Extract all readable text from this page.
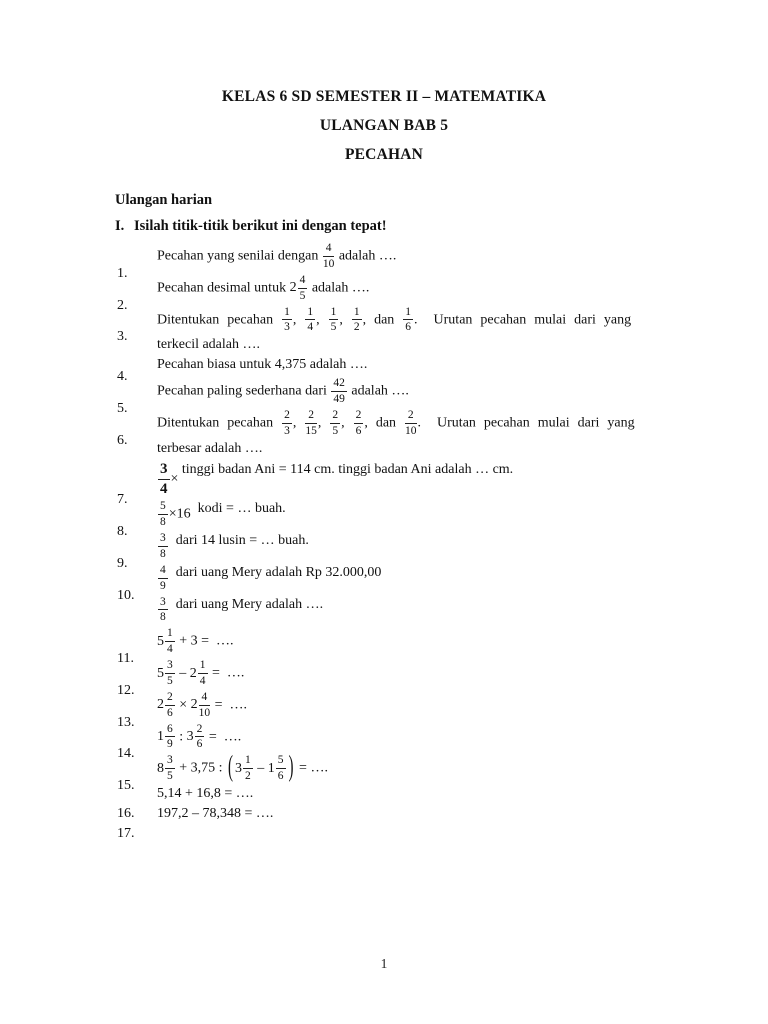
KELAS 6 SD SEMESTER II – MATEMATIKA
ULANGAN BAB 5
PECAHAN
Ulangan harian
I. Isilah titik-titik berikut ini dengan tepat!
1.
Pecahan yang senilai dengan $\frac{4}{10}$ adalah ….
2.
Pecahan desimal untuk $2 \frac{4}{5}$ adalah ….
3.
Ditentukan pecahan $\frac{1}{3}$ , $\frac{1}{4}$ , $\frac{1}{5}$ , $\frac{1}{2}$ , dan $\frac{1}{6}$ .  Urutan pecahan mulai dari yang
terkecil adalah ….
4.
Pecahan biasa untuk 4,375 adalah ….
5.
Pecahan paling sederhana dari $\frac{42}{49}$ adalah ….
6.
Ditentukan pecahan $\frac{2}{3}$ , $\frac{2}{15}$ , $\frac{2}{5}$ , $\frac{2}{6}$ , dan $\frac{2}{10}$ .  Urutan pecahan mulai dari yang
terbesar adalah ….
7.
$\frac{3}{4}$ × tinggi badan Ani = 114 cm. tinggi badan Ani adalah … cm.
8.
$\frac{5}{8} \times 16$  kodi = … buah.
9.
$\frac{3}{8}$ dari 14 lusin = … buah.
10.
$\frac{4}{9}$ dari uang Mery adalah Rp 32.000,00
$\frac{3}{8}$ dari uang Mery adalah ….
11.
$5 \frac{1}{4} + 3$ =  ….
12.
$5 \frac{3}{5} - 2 \frac{1}{4}$ =  ….
13.
$2 \frac{2}{6} \times 2 \frac{4}{10}$ =  ….
14.
$1 \frac{6}{9}$ : $3 \frac{2}{6}$ =  ….
15.
$8 \frac{3}{5} + 3,75$ : ( $3 \frac{1}{2} - 1 \frac{5}{6}$ ) = ….
5,14 + 16,8 = ….
16.	197,2 – 78,348 = ….
17.
1
